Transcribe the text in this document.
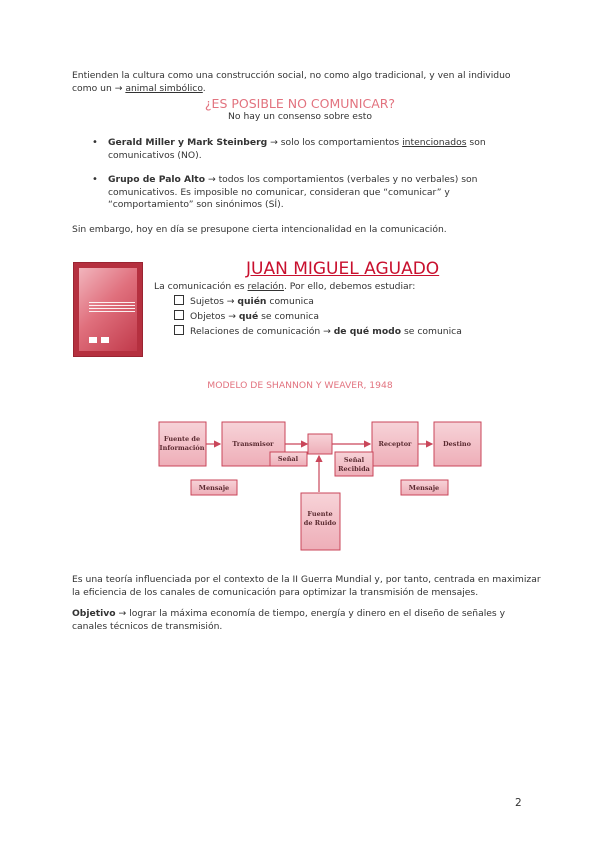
Entienden la cultura como una construcción social, no como algo tradicional, y ven al individuo como un → animal simbólico.
¿ES POSIBLE NO COMUNICAR?
No hay un consenso sobre esto
• Gerald Miller y Mark Steinberg → solo los comportamientos intencionados son comunicativos (NO).
• Grupo de Palo Alto → todos los comportamientos (verbales y no verbales) son comunicativos. Es imposible no comunicar, consideran que “comunicar” y “comportamiento” son sinónimos (SÍ).
Sin embargo, hoy en día se presupone cierta intencionalidad en la comunicación.
JUAN MIGUEL AGUADO
La comunicación es relación. Por ello, debemos estudiar:
Sujetos → quién comunica
Objetos → qué se comunica
Relaciones de comunicación → de qué modo se comunica
MODELO DE SHANNON Y WEAVER, 1948
Fuente de
Información	Transmisor	Receptor	Destino
Mensaje
Señal	Señal
Recibida
Mensaje
Fuente
de Ruido
Es una teoría influenciada por el contexto de la II Guerra Mundial y, por tanto, centrada en maximizar la eficiencia de los canales de comunicación para optimizar la transmisión de mensajes.
Objetivo → lograr la máxima economía de tiempo, energía y dinero en el diseño de señales y canales técnicos de transmisión.
2
